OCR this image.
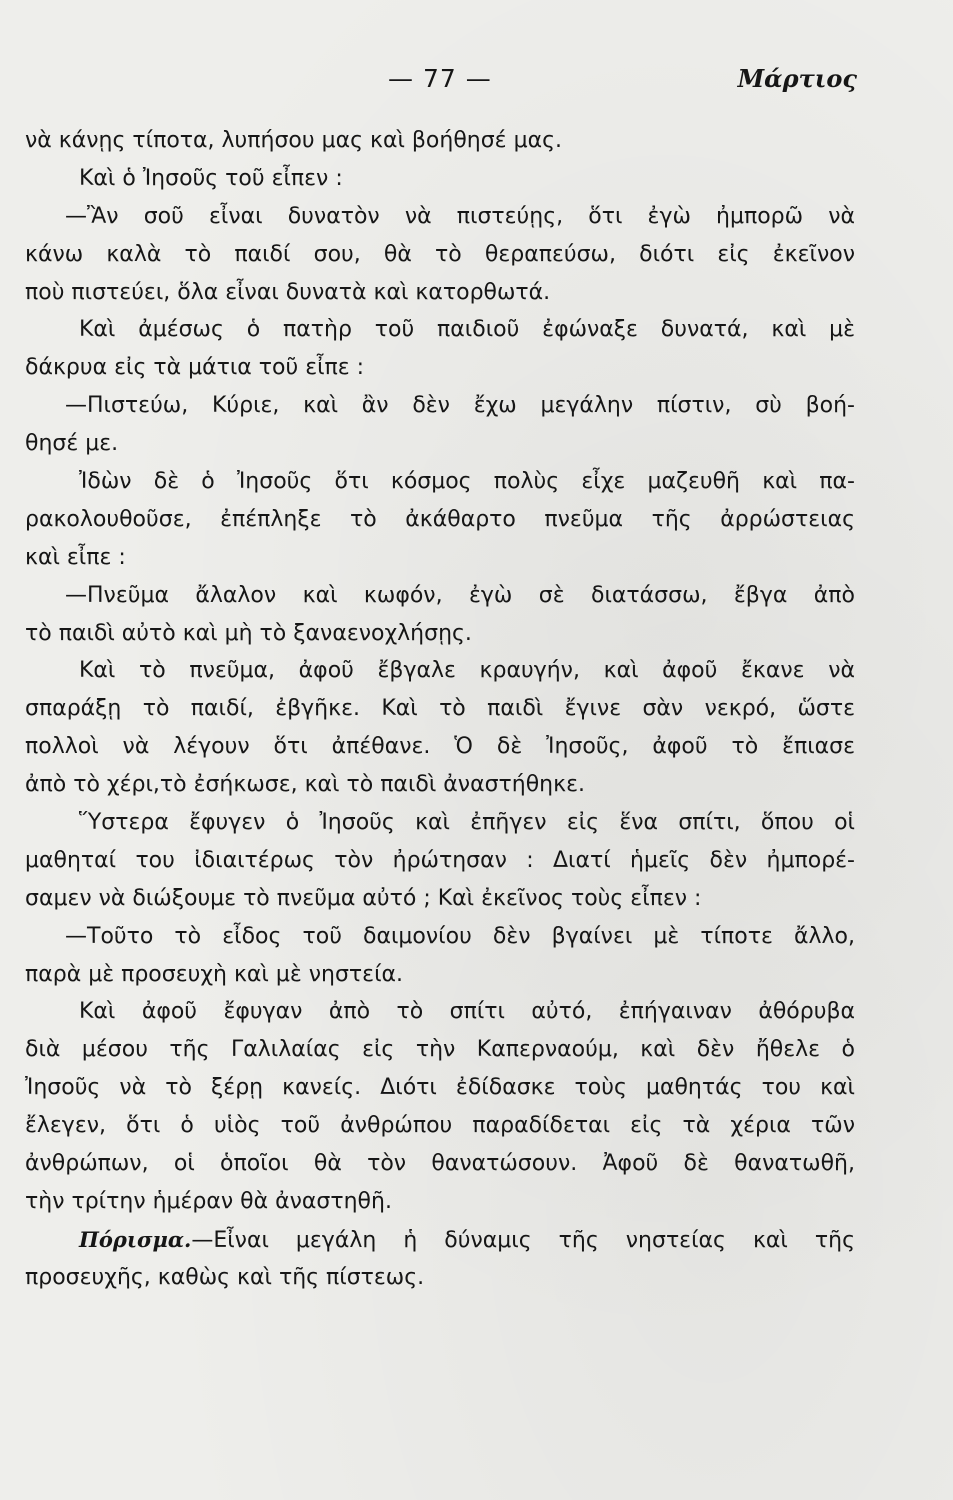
— 77 —	Μάρτιος
νὰ κάνῃς τίποτα, λυπήσου μας καὶ βοήθησέ μας.
Καὶ ὁ Ἰησοῦς τοῦ εἶπεν :
—Ἂν σοῦ εἶναι δυνατὸν νὰ πιστεύῃς, ὅτι ἐγὼ ἠμπορῶ νὰ
κάνω καλὰ τὸ παιδί σου, θὰ τὸ θεραπεύσω, διότι εἰς ἐκεῖνον
ποὺ πιστεύει, ὅλα εἶναι δυνατὰ καὶ κατορθωτά.
Καὶ ἀμέσως ὁ πατὴρ τοῦ παιδιοῦ ἐφώναξε δυνατά, καὶ μὲ
δάκρυα εἰς τὰ μάτια τοῦ εἶπε :
—Πιστεύω, Κύριε, καὶ ἂν δὲν ἔχω μεγάλην πίστιν, σὺ βοή-
θησέ με.
Ἰδὼν δὲ ὁ Ἰησοῦς ὅτι κόσμος πολὺς εἶχε μαζευθῆ καὶ πα-
ρακολουθοῦσε, ἐπέπληξε τὸ ἀκάθαρτο πνεῦμα τῆς ἀρρώστειας
καὶ εἶπε :
—Πνεῦμα ἄλαλον καὶ κωφόν, ἐγὼ σὲ διατάσσω, ἔβγα ἀπὸ
τὸ παιδὶ αὐτὸ καὶ μὴ τὸ ξαναενοχλήσῃς.
Καὶ τὸ πνεῦμα, ἀφοῦ ἔβγαλε κραυγήν, καὶ ἀφοῦ ἔκανε νὰ
σπαράξῃ τὸ παιδί, ἐβγῆκε. Καὶ τὸ παιδὶ ἔγινε σὰν νεκρό, ὥστε
πολλοὶ νὰ λέγουν ὅτι ἀπέθανε. Ὁ δὲ Ἰησοῦς, ἀφοῦ τὸ ἔπιασε
ἀπὸ τὸ χέρι,τὸ ἐσήκωσε, καὶ τὸ παιδὶ ἀναστήθηκε.
Ὕστερα ἔφυγεν ὁ Ἰησοῦς καὶ ἐπῆγεν εἰς ἕνα σπίτι, ὅπου οἱ
μαθηταί του ἰδιαιτέρως τὸν ἠρώτησαν : Διατί ἡμεῖς δὲν ἠμπορέ-
σαμεν νὰ διώξουμε τὸ πνεῦμα αὐτό ; Καὶ ἐκεῖνος τοὺς εἶπεν :
—Τοῦτο τὸ εἶδος τοῦ δαιμονίου δὲν βγαίνει μὲ τίποτε ἄλλο,
παρὰ μὲ προσευχὴ καὶ μὲ νηστεία.
Καὶ ἀφοῦ ἔφυγαν ἀπὸ τὸ σπίτι αὐτό, ἐπήγαιναν ἀθόρυβα
διὰ μέσου τῆς Γαλιλαίας εἰς τὴν Καπερναούμ, καὶ δὲν ἤθελε ὁ
Ἰησοῦς νὰ τὸ ξέρῃ κανείς. Διότι ἐδίδασκε τοὺς μαθητάς του καὶ
ἔλεγεν, ὅτι ὁ υἱὸς τοῦ ἀνθρώπου παραδίδεται εἰς τὰ χέρια τῶν
ἀνθρώπων, οἱ ὁποῖοι θὰ τὸν θανατώσουν. Ἀφοῦ δὲ θανατωθῆ,
τὴν τρίτην ἡμέραν θὰ ἀναστηθῆ.
Πόρισμα.—Εἶναι μεγάλη ἡ δύναμις τῆς νηστείας καὶ τῆς
προσευχῆς, καθὼς καὶ τῆς πίστεως.
